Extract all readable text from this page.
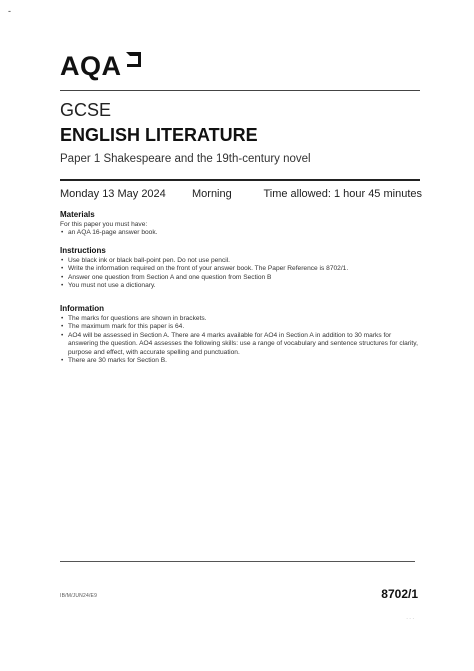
-
AQA
GCSE
ENGLISH LITERATURE
Paper 1 Shakespeare and the 19th-century novel
Monday 13 May 2024 Morning	Time allowed: 1 hour 45 minutes
Materials

For this paper you must have:

• an AQA 16-page answer book.
Instructions
• Use black ink or black ball-point pen. Do not use pencil.
• Write the information required on the front of your answer book. The Paper Reference is 8702/1.
• Answer one question from Section A and one question from Section B
• You must not use a dictionary.
Information
• The marks for questions are shown in brackets.
• The maximum mark for this paper is 64.
• AO4 will be assessed in Section A. There are 4 marks available for AO4 in Section A in addition to 30 marks for answering the question. AO4 assesses the following skills: use a range of vocabulary and sentence structures for clarity, purpose and effect, with accurate spelling and punctuation.
• There are 30 marks for Section B.
IB/M/JUN24/E9	8702/1
· · ·
